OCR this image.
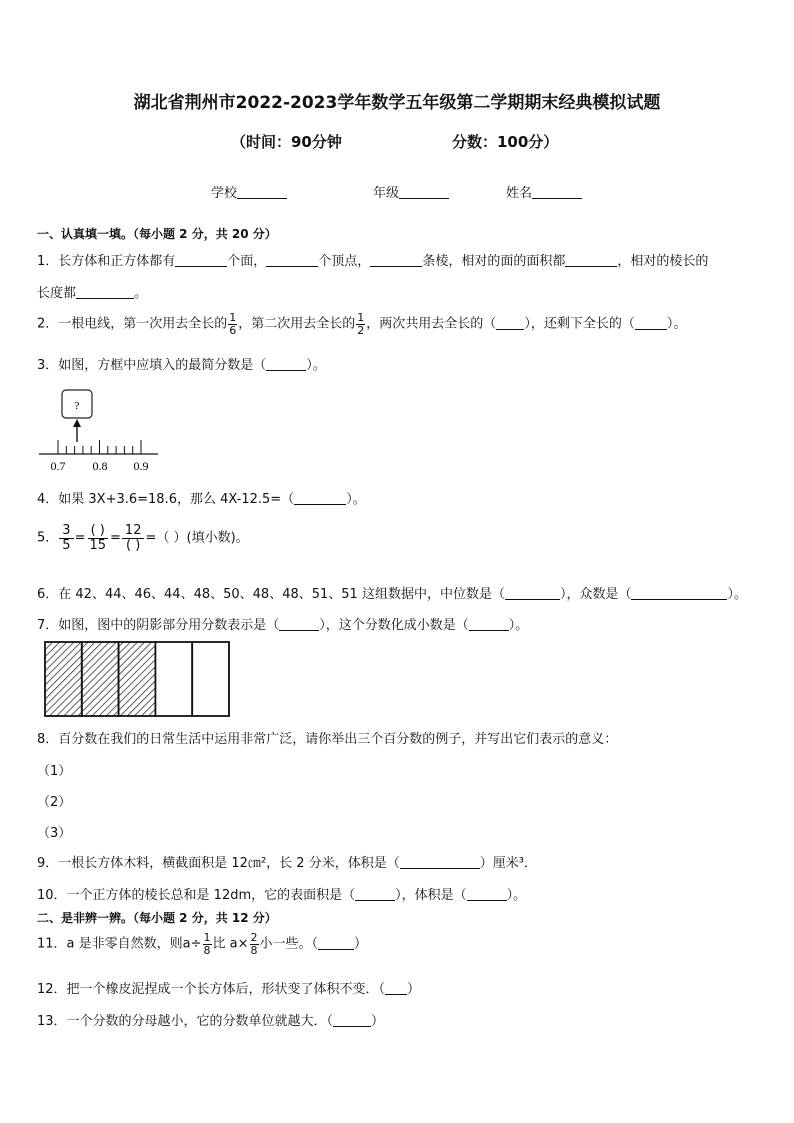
湖北省荆州市2022-2023学年数学五年级第二学期期末经典模拟试题
（时间：90分钟	分数：100分）
学校	年级	姓名
一、认真填一填。（每小题 2 分，共 20 分）
1．长方体和正方体都有	个面，	个顶点，	条棱，相对的面的面积都	，相对的棱长的
长度都	。
2．一根电线，第一次用去全长的 $\frac{1}{6}$ ，第二次用去全长的 $\frac{1}{2}$ ，两次共用去全长的（ ），还剩下全长的（ ）。
3．如图，方框中应填入的最简分数是（	）。
?
0.7 0.8 0.9
4．如果 3X+3.6=18.6，那么 4X-12.5=（	）。
5． $\frac{3}{5} = \frac{( )}{15} = \frac{12}{( )}$ =（ ）(填小数)。
6．在 42、44、46、44、48、50、48、48、51、51 这组数据中，中位数是（	），众数是（	）。
7．如图，图中的阴影部分用分数表示是（	），这个分数化成小数是（	）。
8．百分数在我们的日常生活中运用非常广泛，请你举出三个百分数的例子，并写出它们表示的意义：
（1）
（2）
（3）
9．一根长方体木料，横截面积是 12㎝²，长 2 分米，体积是（	）厘米³．
10．一个正方体的棱长总和是 12dm，它的表面积是（	），体积是（	）。
二、是非辨一辨。（每小题 2 分，共 12 分）
11．a 是非零自然数，则$a\div \frac{1}{8}$ 比 $a\times \frac{2}{8}$ 小一些。（	）
12．把一个橡皮泥捏成一个长方体后，形状变了体积不变．（ ）
13．一个分数的分母越小，它的分数单位就越大．（	）
